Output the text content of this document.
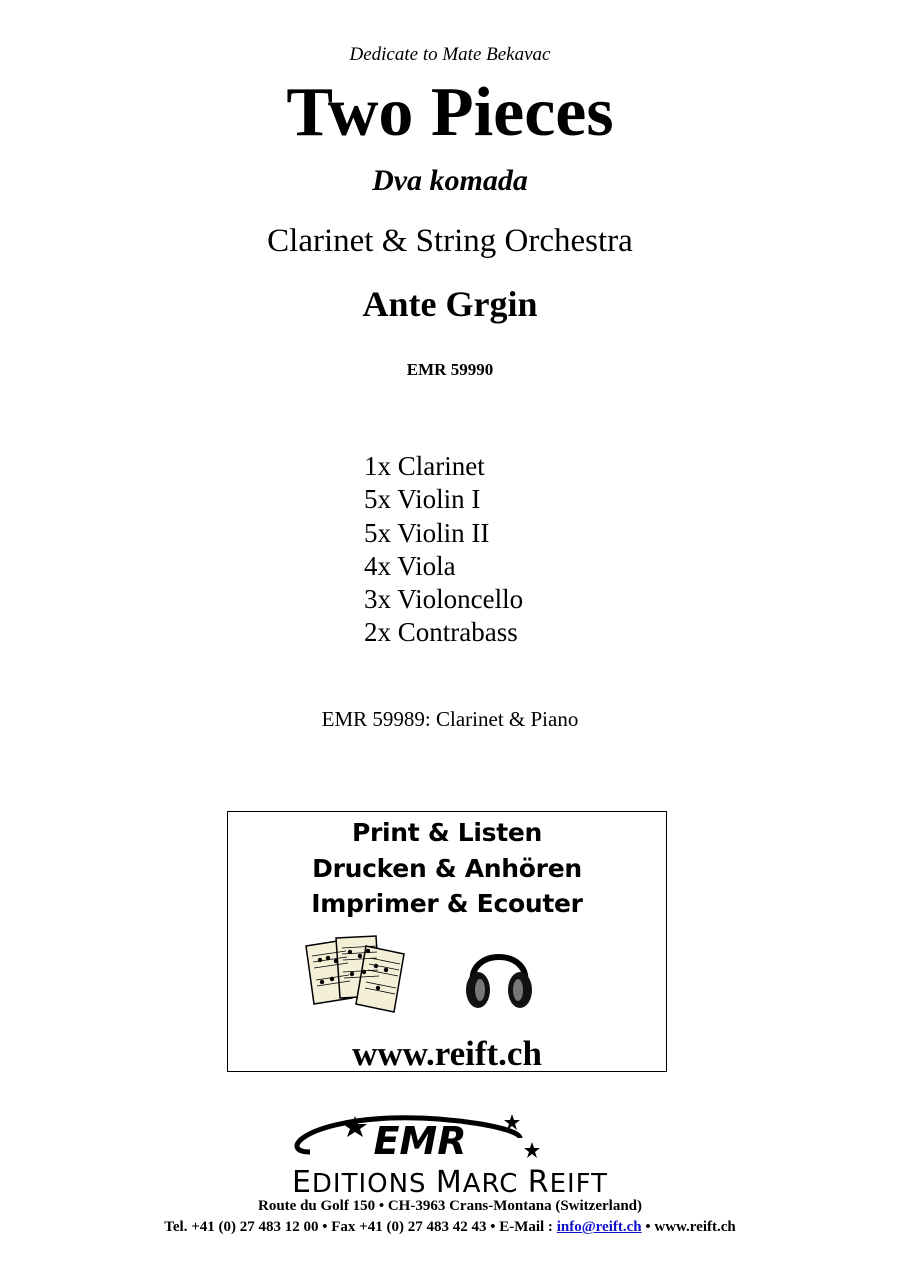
Dedicate to Mate Bekavac
Two Pieces
Dva komada
Clarinet & String Orchestra
Ante Grgin
EMR 59990
1x Clarinet
5x Violin I
5x Violin II
4x Viola
3x Violoncello
2x Contrabass
EMR 59989: Clarinet & Piano
Print & Listen
Drucken & Anhören
Imprimer & Ecouter
www.reift.ch
EMR
EDITIONS MARC REIFT
Route du Golf 150 • CH-3963 Crans-Montana (Switzerland)
Tel. +41 (0) 27 483 12 00 • Fax +41 (0) 27 483 42 43 • E-Mail : info@reift.ch • www.reift.ch
